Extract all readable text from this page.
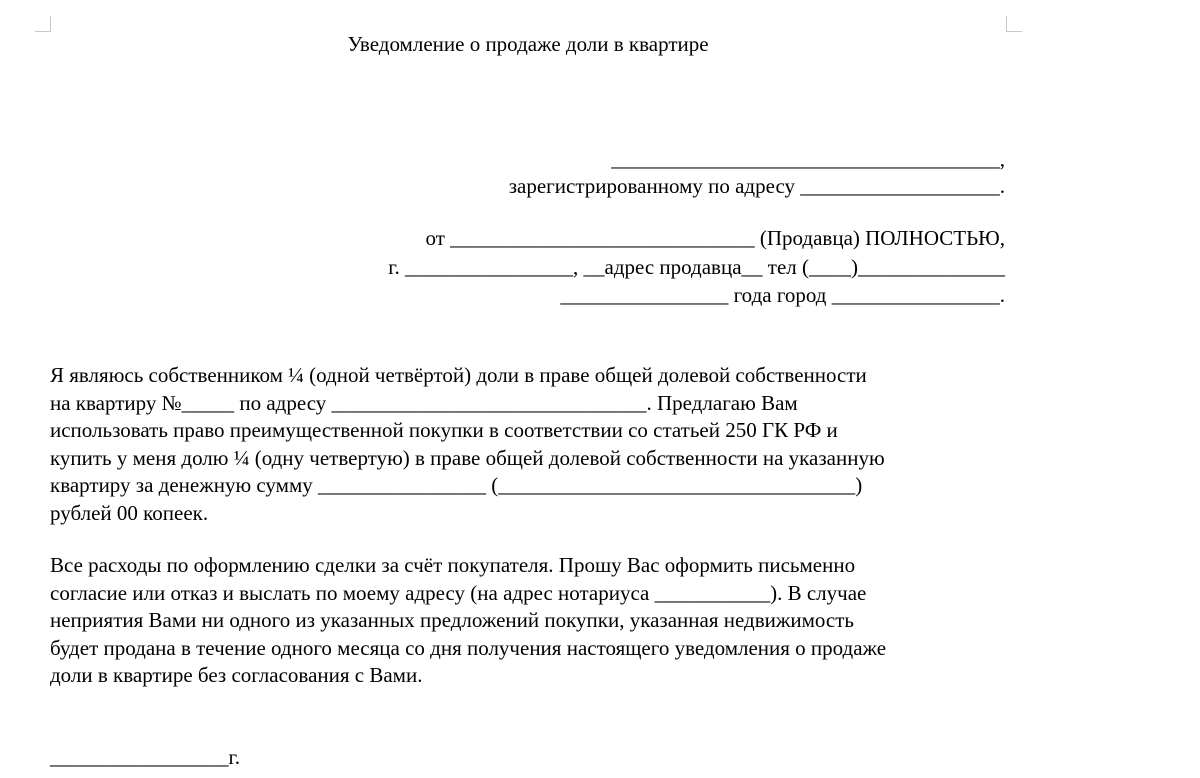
Уведомление о продаже доли в квартире
_____________________________________,
зарегистрированному по адресу ___________________.
от _____________________________ (Продавца) ПОЛНОСТЬЮ,
г. ________________, __адрес продавца__ тел (____)______________
________________ года город ________________.
Я являюсь собственником ¼ (одной четвёртой) доли в праве общей долевой собственности
на квартиру №_____ по адресу ______________________________. Предлагаю Вам
использовать право преимущественной покупки в соответствии со статьей 250 ГК РФ и
купить у меня долю ¼ (одну четвертую) в праве общей долевой собственности на указанную
квартиру за денежную сумму ________________ (__________________________________)
рублей 00 копеек.
Все расходы по оформлению сделки за счёт покупателя. Прошу Вас оформить письменно
согласие или отказ и выслать по моему адресу (на адрес нотариуса ___________). В случае
неприятия Вами ни одного из указанных предложений покупки, указанная недвижимость
будет продана в течение одного месяца со дня получения настоящего уведомления о продаже
доли в квартире без согласования с Вами.
_________________г.
